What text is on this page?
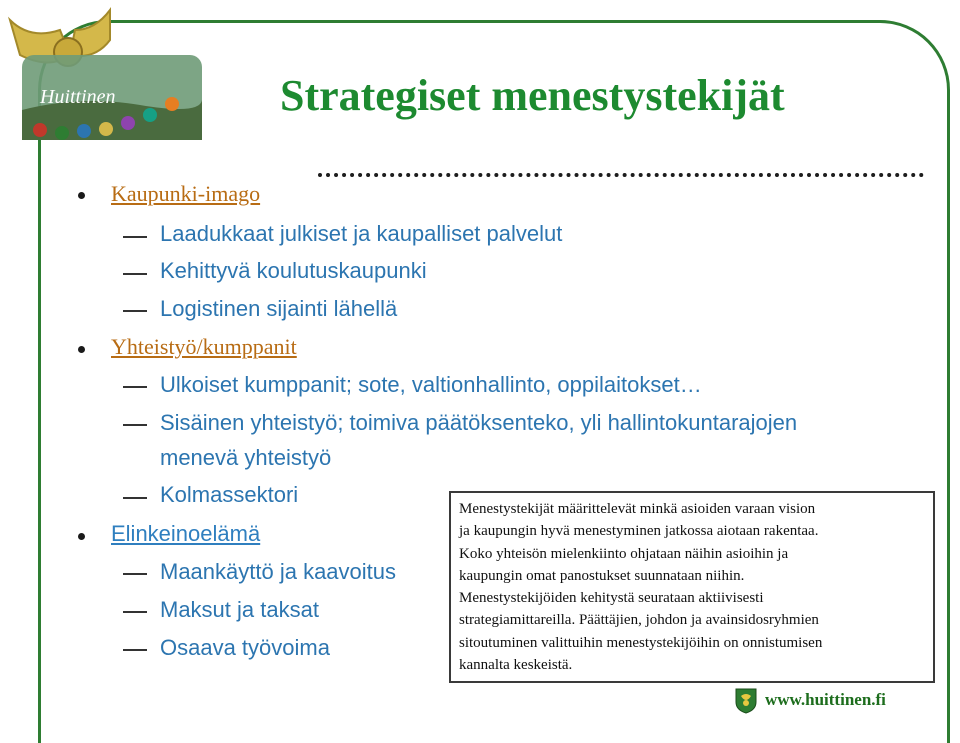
Huittinen	Strategiset menestystekijät
Kaupunki-imago
Laadukkaat julkiset ja kaupalliset palvelut
Kehittyvä koulutuskaupunki
Logistinen sijainti lähellä
Yhteistyö/kumppanit
Ulkoiset kumppanit; sote, valtionhallinto, oppilaitokset…
Sisäinen yhteistyö; toimiva päätöksenteko, yli hallintokuntarajojen
menevä yhteistyö
Kolmassektori
Elinkeinoelämä
Maankäyttö ja kaavoitus
Maksut ja taksat
Osaava työvoima
Menestystekijät määrittelevät minkä asioiden varaan vision
ja kaupungin hyvä menestyminen jatkossa aiotaan rakentaa.
Koko yhteisön mielenkiinto ohjataan näihin asioihin ja
kaupungin omat panostukset suunnataan niihin.
Menestystekijöiden kehitystä seurataan aktiivisesti
strategiamittareilla. Päättäjien, johdon ja avainsidosryhmien
sitoutuminen valittuihin menestystekijöihin on onnistumisen
kannalta keskeistä.
www.huittinen.fi
